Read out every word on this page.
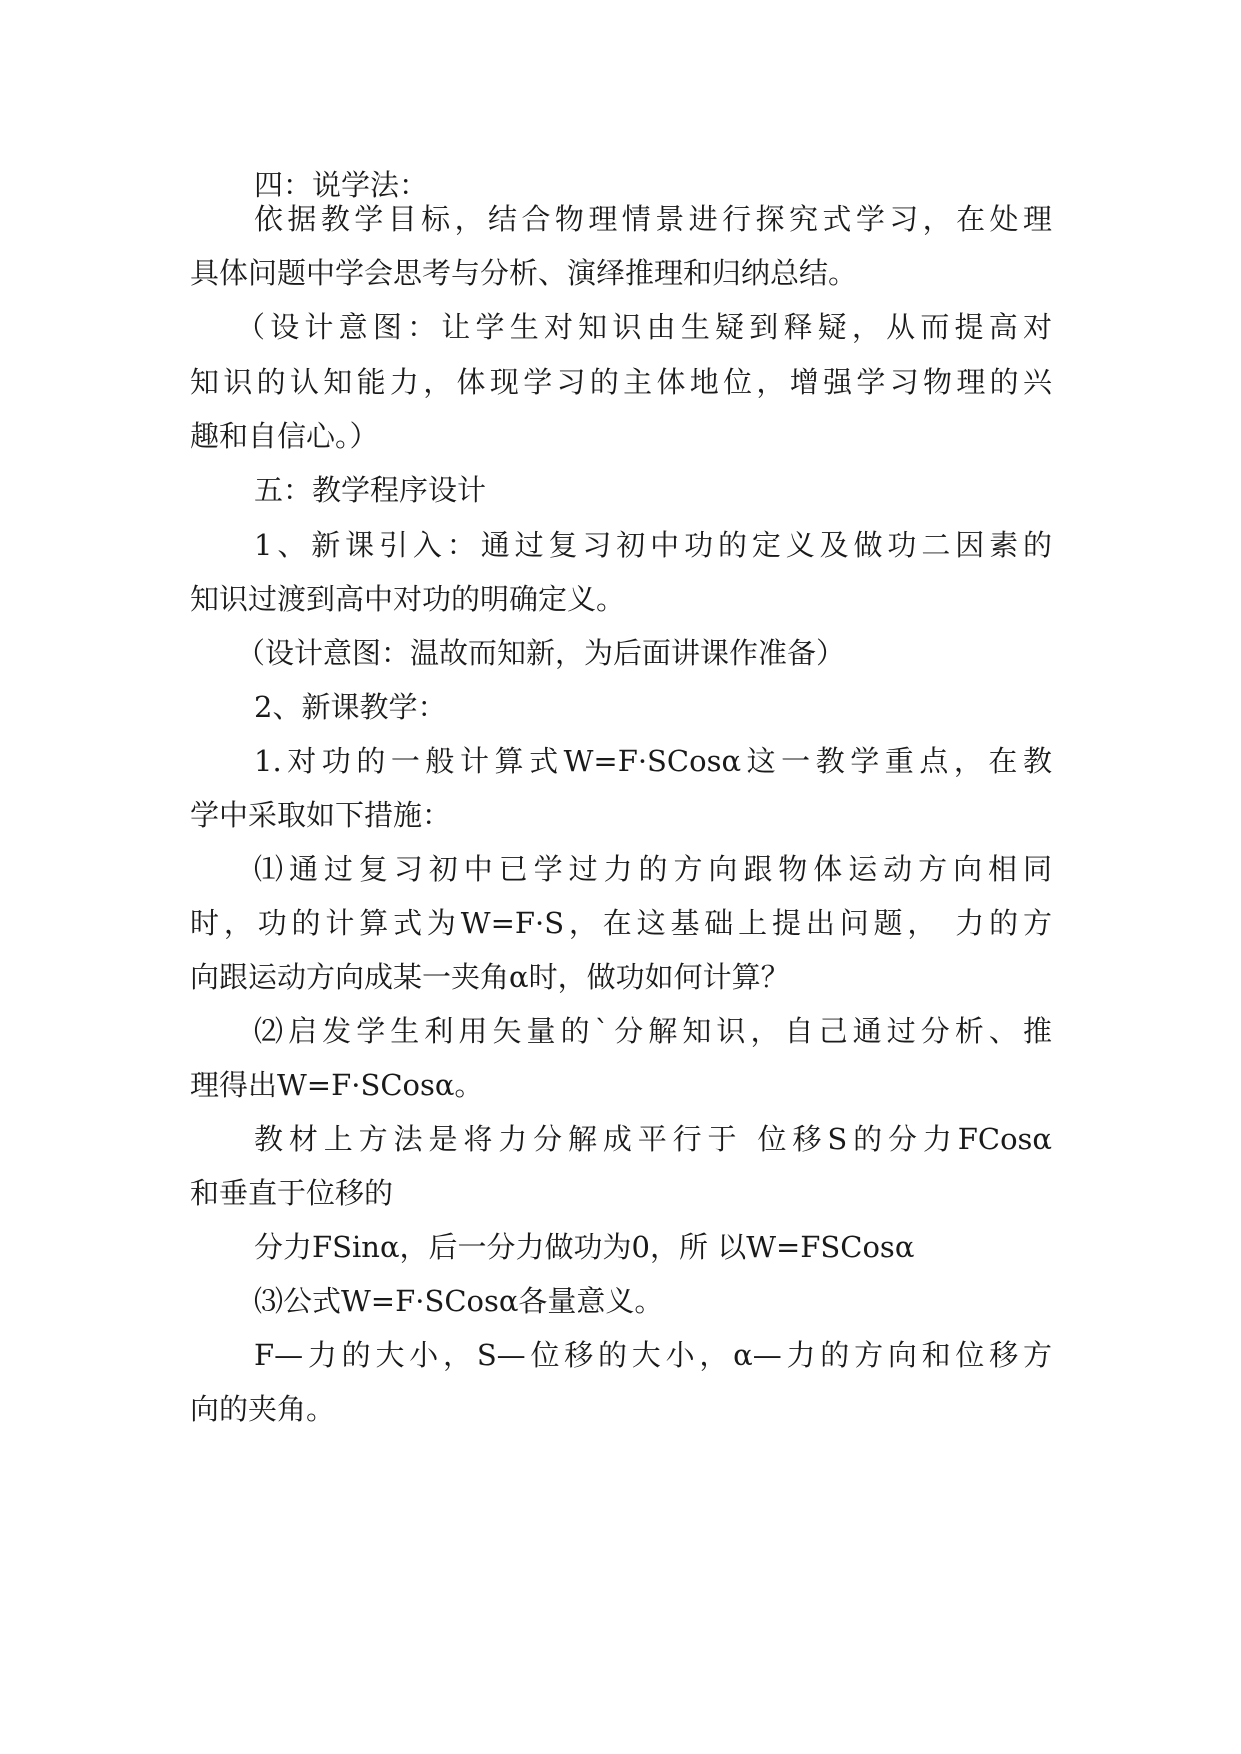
四：说学法：

依据教学目标，结合物理情景进行探究式学习，在处理

具体问题中学会思考与分析、演绎推理和归纳总结。

（设计意图：让学生对知识由生疑到释疑，从而提高对

知识的认知能力，体现学习的主体地位，增强学习物理的兴

趣和自信心。）

五：教学程序设计

1、新课引入：通过复习初中功的定义及做功二因素的

知识过渡到高中对功的明确定义。

（设计意图：温故而知新，为后面讲课作准备）

2、新课教学：

1.对功的一般计算式W=F·SCosα这一教学重点，在教

学中采取如下措施：

⑴通过复习初中已学过力的方向跟物体运动方向相同

时，功的计算式为W=F·S，在这基础上提出问题， 力的方

向跟运动方向成某一夹角α时，做功如何计算？

⑵启发学生利用矢量的`分解知识，自己通过分析、推

理得出W=F·SCosα。

教材上方法是将力分解成平行于 位移S的分力FCosα

和垂直于位移的

分力FSinα，后一分力做功为0，所 以W=FSCosα

⑶公式W=F·SCosα各量意义。

F—力的大小，S—位移的大小，α—力的方向和位移方

向的夹角。
